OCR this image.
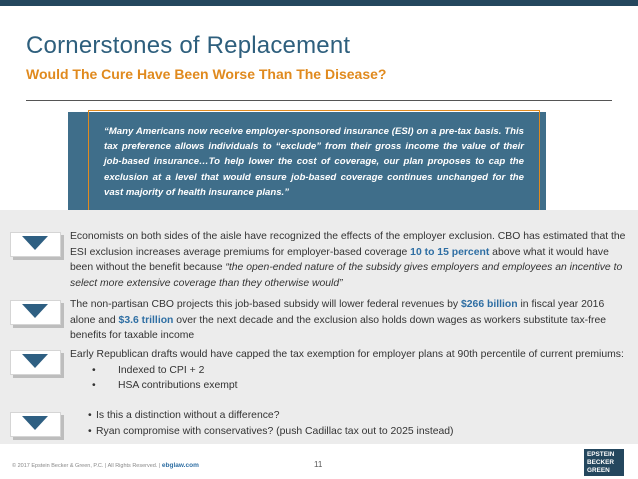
Cornerstones of Replacement
Would The Cure Have Been Worse Than The Disease?
“Many Americans now receive employer-sponsored insurance (ESI) on a pre-tax basis. This tax preference allows individuals to “exclude” from their gross income the value of their job-based insurance…To help lower the cost of coverage, our plan proposes to cap the exclusion at a level that would ensure job-based coverage continues unchanged for the vast majority of health insurance plans.”
Economists on both sides of the aisle have recognized the effects of the employer exclusion. CBO has estimated that the ESI exclusion increases average premiums for employer-based coverage 10 to 15 percent above what it would have been without the benefit because “the open-ended nature of the subsidy gives employers and employees an incentive to select more extensive coverage than they otherwise would”
The non-partisan CBO projects this job-based subsidy will lower federal revenues by $266 billion in fiscal year 2016 alone and $3.6 trillion over the next decade and the exclusion also holds down wages as workers substitute tax-free benefits for taxable income
Early Republican drafts would have capped the tax exemption for employer plans at 90th percentile of current premiums:
•	Indexed to CPI + 2
•	HSA contributions exempt
• Is this a distinction without a difference?
• Ryan compromise with conservatives? (push Cadillac tax out to 2025 instead)
© 2017 Epstein Becker & Green, P.C. | All Rights Reserved. | ebglaw.com	11
EPSTEIN
BECKER
GREEN
